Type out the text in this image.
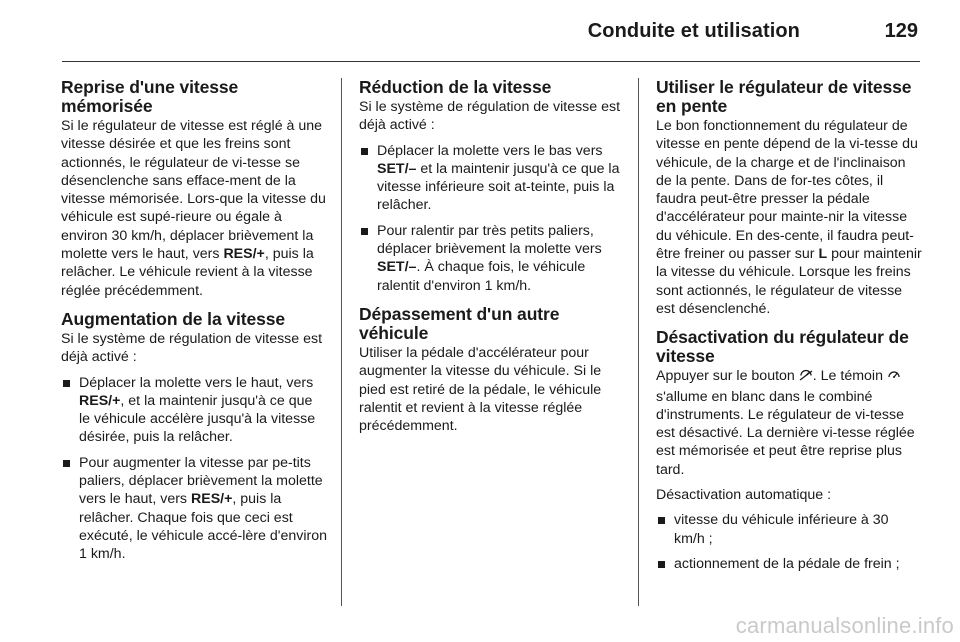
Conduite et utilisation	129
Reprise d'une vitesse mémorisée

Si le régulateur de vitesse est réglé à une vitesse désirée et que les freins sont actionnés, le régulateur de vi-tesse se désenclenche sans efface-ment de la vitesse mémorisée. Lors-que la vitesse du véhicule est supé-rieure ou égale à environ 30 km/h, déplacer brièvement la molette vers le haut, vers RES/+, puis la relâcher. Le véhicule revient à la vitesse réglée précédemment.

Augmentation de la vitesse

Si le système de régulation de vitesse est déjà activé :

Déplacer la molette vers le haut, vers RES/+, et la maintenir jusqu'à ce que le véhicule accélère jusqu'à la vitesse désirée, puis la relâcher.
Pour augmenter la vitesse par pe-tits paliers, déplacer brièvement la molette vers le haut, vers RES/+, puis la relâcher. Chaque fois que ceci est exécuté, le véhicule accé-lère d'environ 1 km/h.
Réduction de la vitesse

Si le système de régulation de vitesse est déjà activé :

Déplacer la molette vers le bas vers SET/– et la maintenir jusqu'à ce que la vitesse inférieure soit at-teinte, puis la relâcher.
Pour ralentir par très petits paliers, déplacer brièvement la molette vers SET/–. À chaque fois, le véhicule ralentit d'environ 1 km/h.
Dépassement d'un autre véhicule

Utiliser la pédale d'accélérateur pour augmenter la vitesse du véhicule. Si le pied est retiré de la pédale, le véhicule ralentit et revient à la vitesse réglée précédemment.

Utiliser le régulateur de vitesse en pente

Le bon fonctionnement du régulateur de vitesse en pente dépend de la vi-tesse du véhicule, de la charge et de l'inclinaison de la pente. Dans de for-tes côtes, il faudra peut-être presser la pédale d'accélérateur pour mainte-nir la vitesse du véhicule. En des-cente, il faudra peut-être freiner ou passer sur L pour maintenir la vitesse du véhicule. Lorsque les freins sont actionnés, le régulateur de vitesse est désenclenché.

Désactivation du régulateur de vitesse

Appuyer sur le bouton . Le témoin  s'allume en blanc dans le combiné d'instruments. Le régulateur de vi-tesse est désactivé. La dernière vi-tesse réglée est mémorisée et peut être reprise plus tard.

Désactivation automatique :

vitesse du véhicule inférieure à 30 km/h ;
actionnement de la pédale de frein ;
carmanualsonline.info
